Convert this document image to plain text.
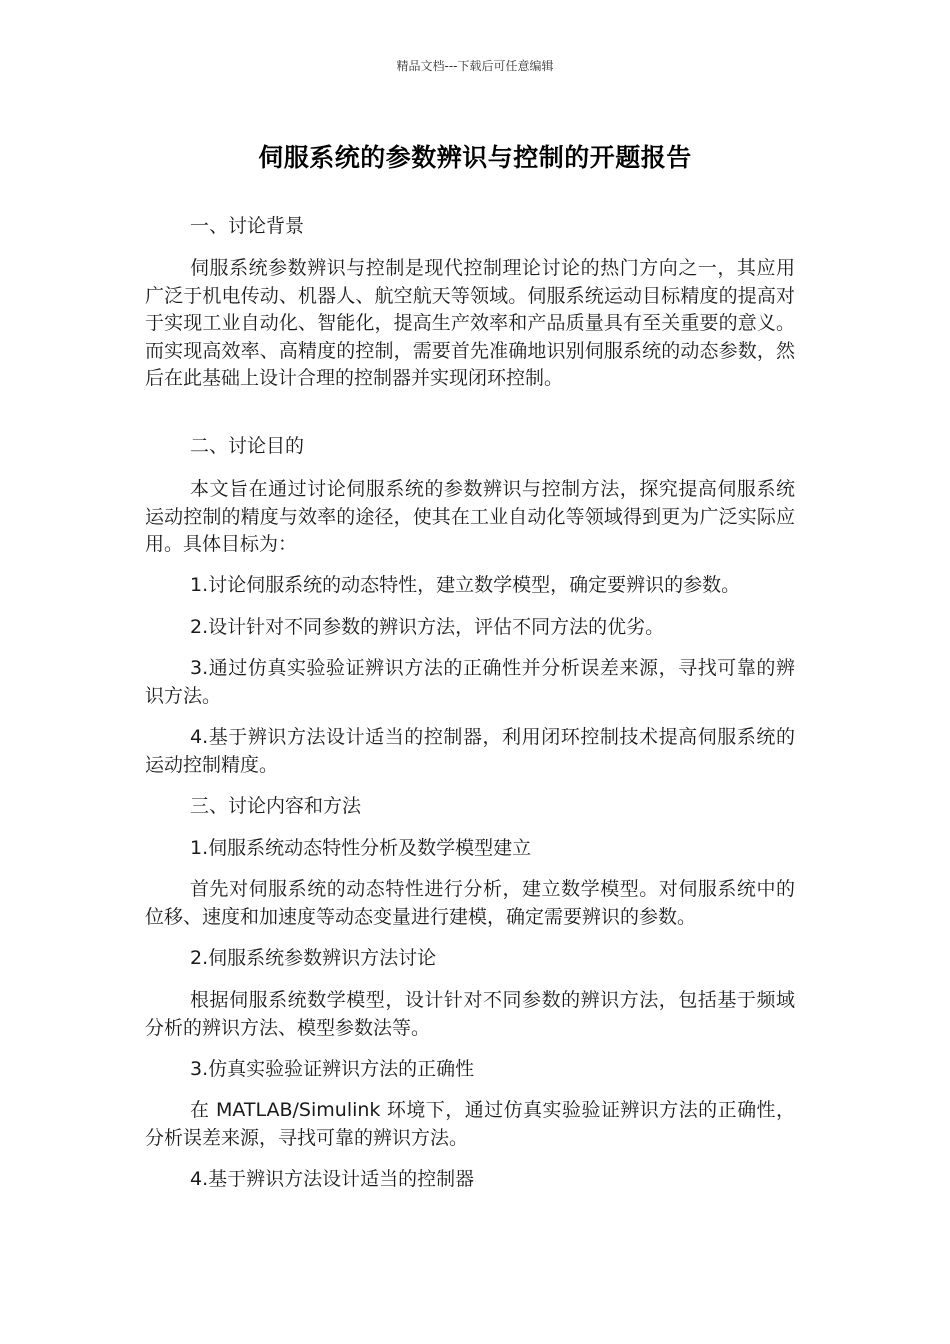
精品文档---下载后可任意编辑
伺服系统的参数辨识与控制的开题报告

一、讨论背景

伺服系统参数辨识与控制是现代控制理论讨论的热门方向之一，其应用广泛于机电传动、机器人、航空航天等领域。伺服系统运动目标精度的提高对于实现工业自动化、智能化，提高生产效率和产品质量具有至关重要的意义。而实现高效率、高精度的控制，需要首先准确地识别伺服系统的动态参数，然后在此基础上设计合理的控制器并实现闭环控制。

二、讨论目的

本文旨在通过讨论伺服系统的参数辨识与控制方法，探究提高伺服系统运动控制的精度与效率的途径，使其在工业自动化等领域得到更为广泛实际应用。具体目标为：

1.讨论伺服系统的动态特性，建立数学模型，确定要辨识的参数。

2.设计针对不同参数的辨识方法，评估不同方法的优劣。

3.通过仿真实验验证辨识方法的正确性并分析误差来源，寻找可靠的辨识方法。

4.基于辨识方法设计适当的控制器，利用闭环控制技术提高伺服系统的运动控制精度。

三、讨论内容和方法

1.伺服系统动态特性分析及数学模型建立

首先对伺服系统的动态特性进行分析，建立数学模型。对伺服系统中的位移、速度和加速度等动态变量进行建模，确定需要辨识的参数。

2.伺服系统参数辨识方法讨论

根据伺服系统数学模型，设计针对不同参数的辨识方法，包括基于频域分析的辨识方法、模型参数法等。

3.仿真实验验证辨识方法的正确性

在 MATLAB/Simulink 环境下，通过仿真实验验证辨识方法的正确性，分析误差来源，寻找可靠的辨识方法。

4.基于辨识方法设计适当的控制器
